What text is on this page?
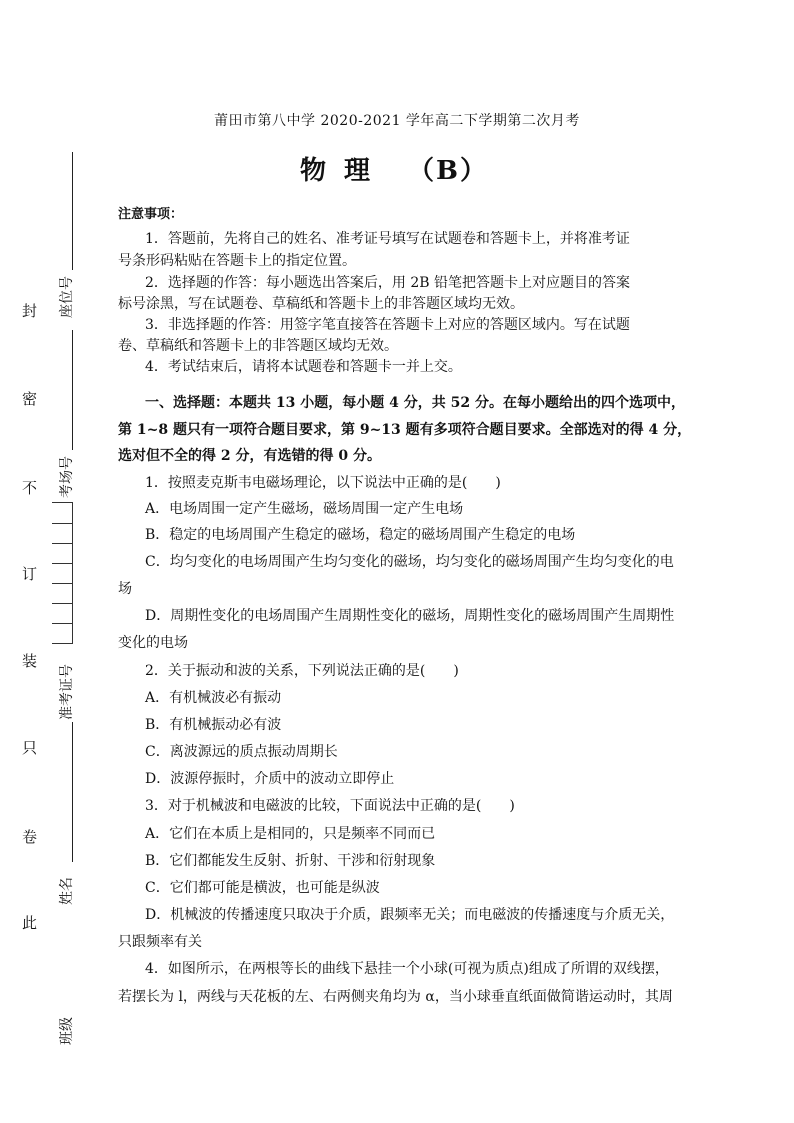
莆田市第八中学 2020-2021 学年高二下学期第二次月考
物 理 （B）
封
密
不
订
装
只
卷
此
座位号
考场号
准考证号
姓名
班级
注意事项：
1．答题前，先将自己的姓名、准考证号填写在试题卷和答题卡上，并将准考证
号条形码粘贴在答题卡上的指定位置。
2．选择题的作答：每小题选出答案后，用 2B 铅笔把答题卡上对应题目的答案
标号涂黑，写在试题卷、草稿纸和答题卡上的非答题区域均无效。
3．非选择题的作答：用签字笔直接答在答题卡上对应的答题区域内。写在试题
卷、草稿纸和答题卡上的非答题区域均无效。
4．考试结束后，请将本试题卷和答题卡一并上交。
一、选择题：本题共 13 小题，每小题 4 分，共 52 分。在每小题给出的四个选项中，
第 1~8 题只有一项符合题目要求，第 9~13 题有多项符合题目要求。全部选对的得 4 分，
选对但不全的得 2 分，有选错的得 0 分。
1．按照麦克斯韦电磁场理论，以下说法中正确的是(　　)
A．电场周围一定产生磁场，磁场周围一定产生电场
B．稳定的电场周围产生稳定的磁场，稳定的磁场周围产生稳定的电场
C．均匀变化的电场周围产生均匀变化的磁场，均匀变化的磁场周围产生均匀变化的电
场
D．周期性变化的电场周围产生周期性变化的磁场，周期性变化的磁场周围产生周期性
变化的电场
2．关于振动和波的关系，下列说法正确的是(　　)
A．有机械波必有振动
B．有机械振动必有波
C．离波源远的质点振动周期长
D．波源停振时，介质中的波动立即停止
3．对于机械波和电磁波的比较，下面说法中正确的是(　　)
A．它们在本质上是相同的，只是频率不同而已
B．它们都能发生反射、折射、干涉和衍射现象
C．它们都可能是横波，也可能是纵波
D．机械波的传播速度只取决于介质，跟频率无关；而电磁波的传播速度与介质无关，
只跟频率有关
4．如图所示，在两根等长的曲线下悬挂一个小球(可视为质点)组成了所谓的双线摆，
若摆长为 l，两线与天花板的左、右两侧夹角均为 α，当小球垂直纸面做简谐运动时，其周
